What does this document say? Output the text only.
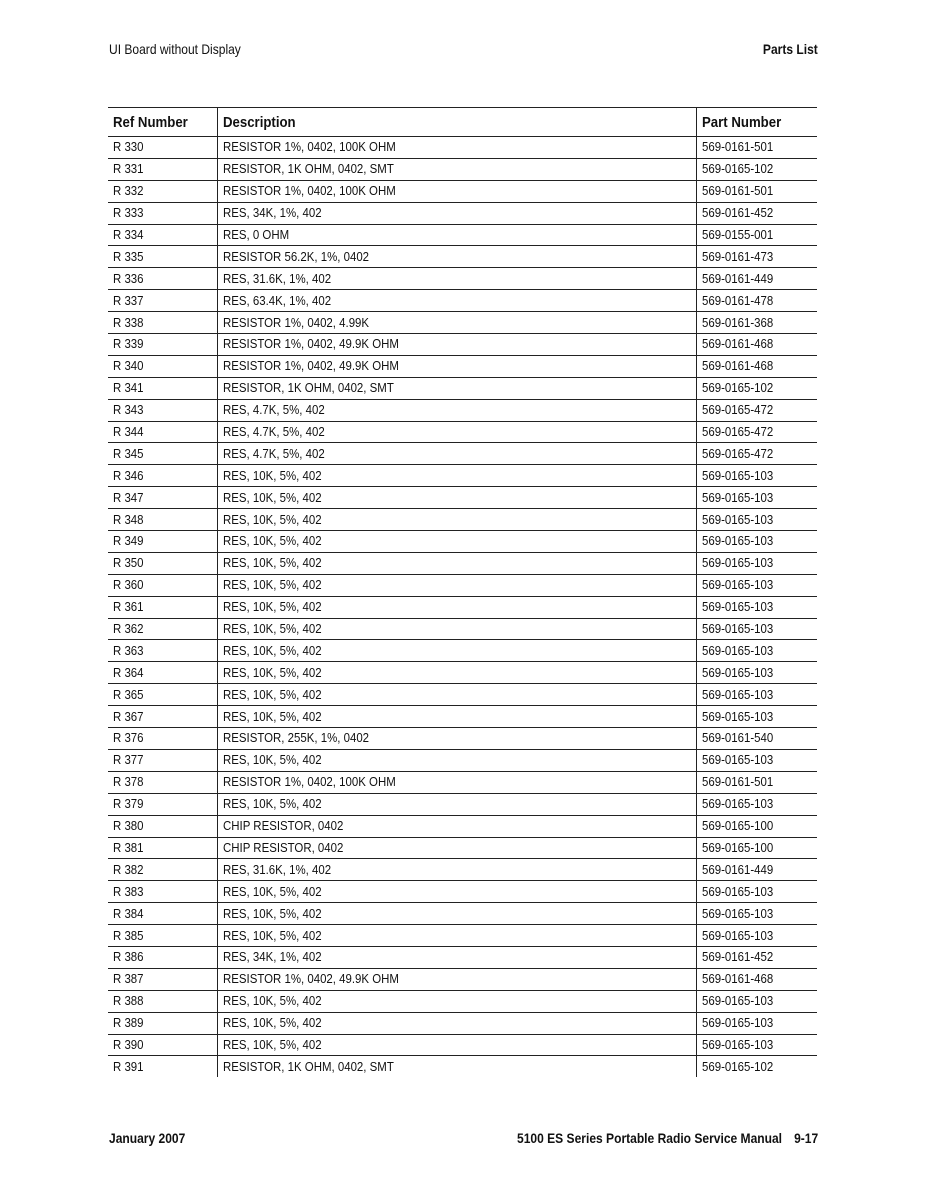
UI Board without Display	Parts List
Ref Number	Description	Part Number
R 330	RESISTOR 1%, 0402, 100K OHM	569-0161-501
R 331	RESISTOR, 1K OHM, 0402, SMT	569-0165-102
R 332	RESISTOR 1%, 0402, 100K OHM	569-0161-501
R 333	RES, 34K, 1%, 402	569-0161-452
R 334	RES, 0 OHM	569-0155-001
R 335	RESISTOR 56.2K, 1%, 0402	569-0161-473
R 336	RES, 31.6K, 1%, 402	569-0161-449
R 337	RES, 63.4K, 1%, 402	569-0161-478
R 338	RESISTOR 1%, 0402, 4.99K	569-0161-368
R 339	RESISTOR 1%, 0402, 49.9K OHM	569-0161-468
R 340	RESISTOR 1%, 0402, 49.9K OHM	569-0161-468
R 341	RESISTOR, 1K OHM, 0402, SMT	569-0165-102
R 343	RES, 4.7K, 5%, 402	569-0165-472
R 344	RES, 4.7K, 5%, 402	569-0165-472
R 345	RES, 4.7K, 5%, 402	569-0165-472
R 346	RES, 10K, 5%, 402	569-0165-103
R 347	RES, 10K, 5%, 402	569-0165-103
R 348	RES, 10K, 5%, 402	569-0165-103
R 349	RES, 10K, 5%, 402	569-0165-103
R 350	RES, 10K, 5%, 402	569-0165-103
R 360	RES, 10K, 5%, 402	569-0165-103
R 361	RES, 10K, 5%, 402	569-0165-103
R 362	RES, 10K, 5%, 402	569-0165-103
R 363	RES, 10K, 5%, 402	569-0165-103
R 364	RES, 10K, 5%, 402	569-0165-103
R 365	RES, 10K, 5%, 402	569-0165-103
R 367	RES, 10K, 5%, 402	569-0165-103
R 376	RESISTOR, 255K, 1%, 0402	569-0161-540
R 377	RES, 10K, 5%, 402	569-0165-103
R 378	RESISTOR 1%, 0402, 100K OHM	569-0161-501
R 379	RES, 10K, 5%, 402	569-0165-103
R 380	CHIP RESISTOR, 0402	569-0165-100
R 381	CHIP RESISTOR, 0402	569-0165-100
R 382	RES, 31.6K, 1%, 402	569-0161-449
R 383	RES, 10K, 5%, 402	569-0165-103
R 384	RES, 10K, 5%, 402	569-0165-103
R 385	RES, 10K, 5%, 402	569-0165-103
R 386	RES, 34K, 1%, 402	569-0161-452
R 387	RESISTOR 1%, 0402, 49.9K OHM	569-0161-468
R 388	RES, 10K, 5%, 402	569-0165-103
R 389	RES, 10K, 5%, 402	569-0165-103
R 390	RES, 10K, 5%, 402	569-0165-103
R 391	RESISTOR, 1K OHM, 0402, SMT	569-0165-102
January 2007	5100 ES Series Portable Radio Service Manual 9-17
